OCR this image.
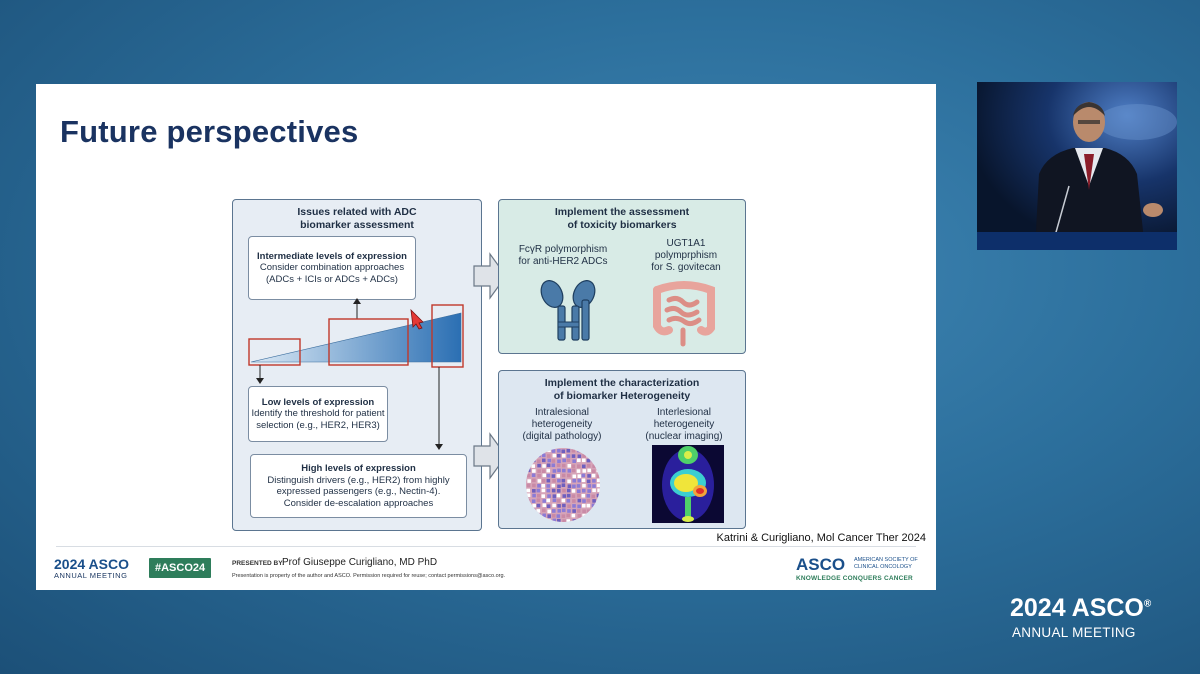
Future perspectives
Issues related with ADC
biomarker assessment
Intermediate levels of expression
Consider combination approaches
(ADCs + ICIs or ADCs + ADCs)
Low levels of expression
Identify the threshold for patient
selection (e.g., HER2, HER3)
High levels of expression
Distinguish drivers (e.g., HER2) from highly
expressed passengers (e.g., Nectin-4).
Consider de-escalation approaches
Implement the assessment
of toxicity biomarkers
FcγR polymorphism
for anti-HER2 ADCs
UGT1A1
polymprphism
for S. govitecan
Implement the characterization
of biomarker Heterogeneity
Intralesional
heterogeneity
(digital pathology)
Interlesional
heterogeneity
(nuclear imaging)
Katrini & Curigliano, Mol Cancer Ther 2024
2024 ASCO
ANNUAL MEETING
#ASCO24	PRESENTED BY:
Prof Giuseppe Curigliano, MD PhD
Presentation is property of the author and ASCO. Permission required for reuse; contact permissions@asco.org.
ASCO AMERICAN SOCIETY OF
CLINICAL ONCOLOGY
KNOWLEDGE CONQUERS CANCER
2024 ASCO®
ANNUAL MEETING
